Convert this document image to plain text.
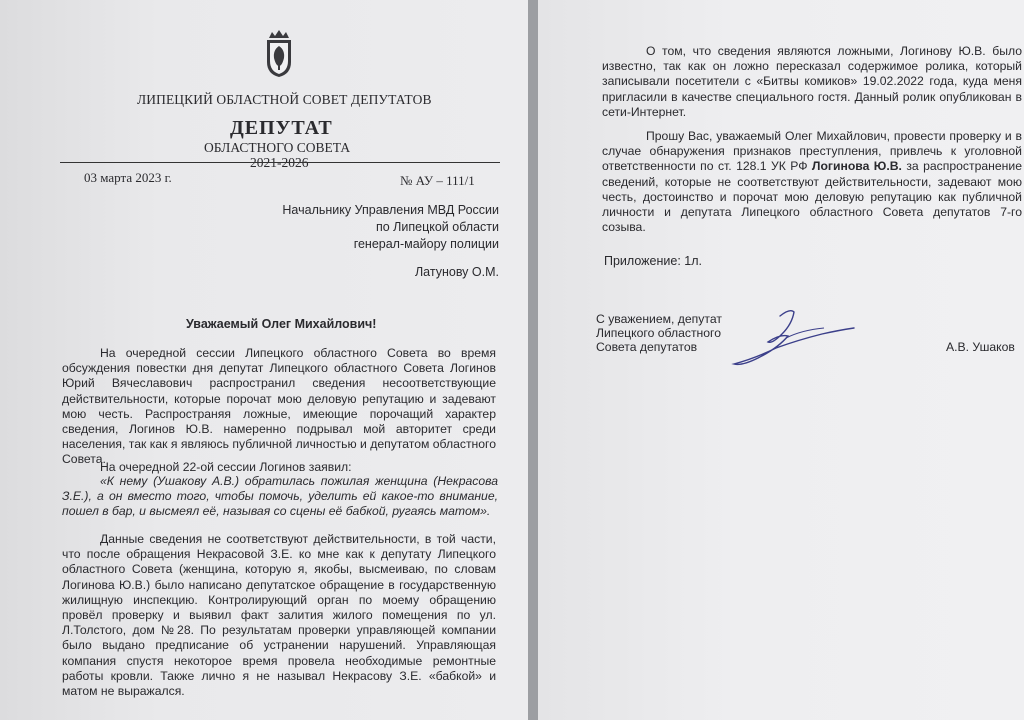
ЛИПЕЦКИЙ ОБЛАСТНОЙ СОВЕТ ДЕПУТАТОВ
ДЕПУТАТ
ОБЛАСТНОГО СОВЕТА
2021-2026
03 марта 2023 г.	№ АУ – 111/1
Начальнику Управления МВД России
по Липецкой области
генерал-майору полиции
Латунову О.М.
Уважаемый Олег Михайлович!
На очередной сессии Липецкого областного Совета во время обсуждения повестки дня депутат Липецкого областного Совета Логинов Юрий Вячеславович распространил сведения несоответствующие действительности, которые порочат мою деловую репутацию и задевают мою честь. Распространяя ложные, имеющие порочащий характер сведения, Логинов Ю.В. намеренно подрывал мой авторитет среди населения, так как я являюсь публичной личностью и депутатом областного Совета.
На очередной 22-ой сессии Логинов заявил:
«К нему (Ушакову А.В.) обратилась пожилая женщина (Некрасова З.Е.), а он вместо того, чтобы помочь, уделить ей какое-то внимание, пошел в бар, и высмеял её, называя со сцены её бабкой, ругаясь матом».
Данные сведения не соответствуют действительности, в той части, что после обращения Некрасовой З.Е. ко мне как к депутату Липецкого областного Совета (женщина, которую я, якобы, высмеиваю, по словам Логинова Ю.В.) было написано депутатское обращение в государственную жилищную инспекцию. Контролирующий орган по моему обращению провёл проверку и выявил факт залития жилого помещения по ул. Л.Толстого, дом №28. По результатам проверки управляющей компании было выдано предписание об устранении нарушений. Управляющая компания спустя некоторое время провела необходимые ремонтные работы кровли. Также лично я не называл Некрасову З.Е. «бабкой» и матом не выражался.
О том, что сведения являются ложными, Логинову Ю.В. было известно, так как он ложно пересказал содержимое ролика, который записывали посетители с «Битвы комиков» 19.02.2022 года, куда меня пригласили в качестве специального гостя. Данный ролик опубликован в сети-Интернет.
Прошу Вас, уважаемый Олег Михайлович, провести проверку и в случае обнаружения признаков преступления, привлечь к уголовной ответственности по ст. 128.1 УК РФ Логинова Ю.В. за распространение сведений, которые не соответствуют действительности, задевают мою честь, достоинство и порочат мою деловую репутацию как публичной личности и депутата Липецкого областного Совета депутатов 7-го созыва.
Приложение: 1л.
С уважением, депутат
Липецкого областного
Совета депутатов	А.В. Ушаков
